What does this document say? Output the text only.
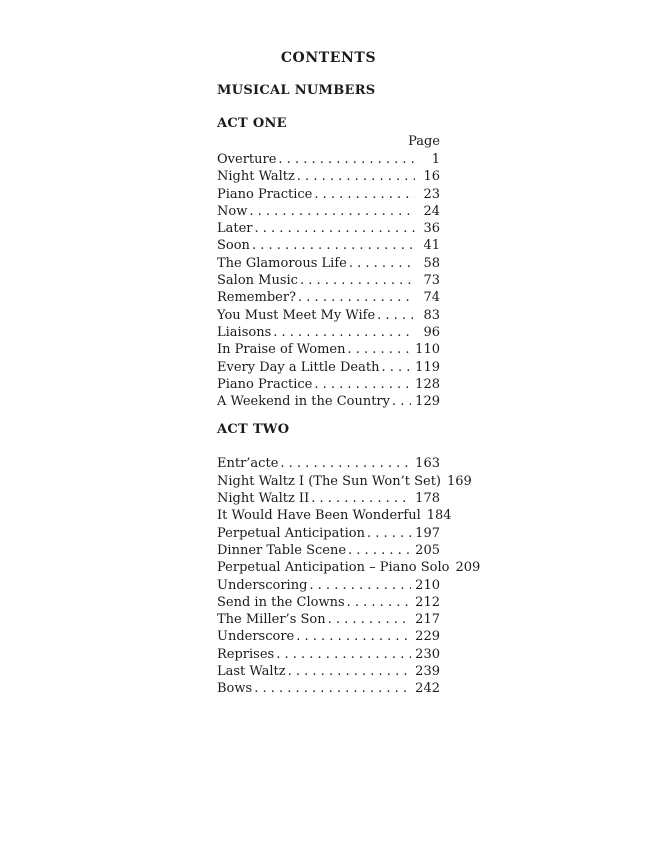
CONTENTS
MUSICAL NUMBERS
ACT ONE
Page
Overture . . .	1
Night Waltz . . .	16
Piano Practice . . .	23
Now . . .	24
Later . . .	36
Soon . . .	41
The Glamorous Life . . .	58
Salon Music . . .	73
Remember? . . .	74
You Must Meet My Wife . . .	83
Liaisons . . .	96
In Praise of Women . . .	110
Every Day a Little Death . . .	119
Piano Practice . . .	128
A Weekend in the Country . . .	129
ACT TWO
Entr’acte . . .	163
Night Waltz I (The Sun Won’t Set) . . . 169
Night Waltz II . . .	178
It Would Have Been Wonderful . . . 184
Perpetual Anticipation . . .	197
Dinner Table Scene . . .	205
Perpetual Anticipation – Piano Solo . . . 209
Underscoring . . .	210
Send in the Clowns . . .	212
The Miller’s Son . . .	217
Underscore . . .	229
Reprises . . .	230
Last Waltz . . .	239
Bows . . .	242
